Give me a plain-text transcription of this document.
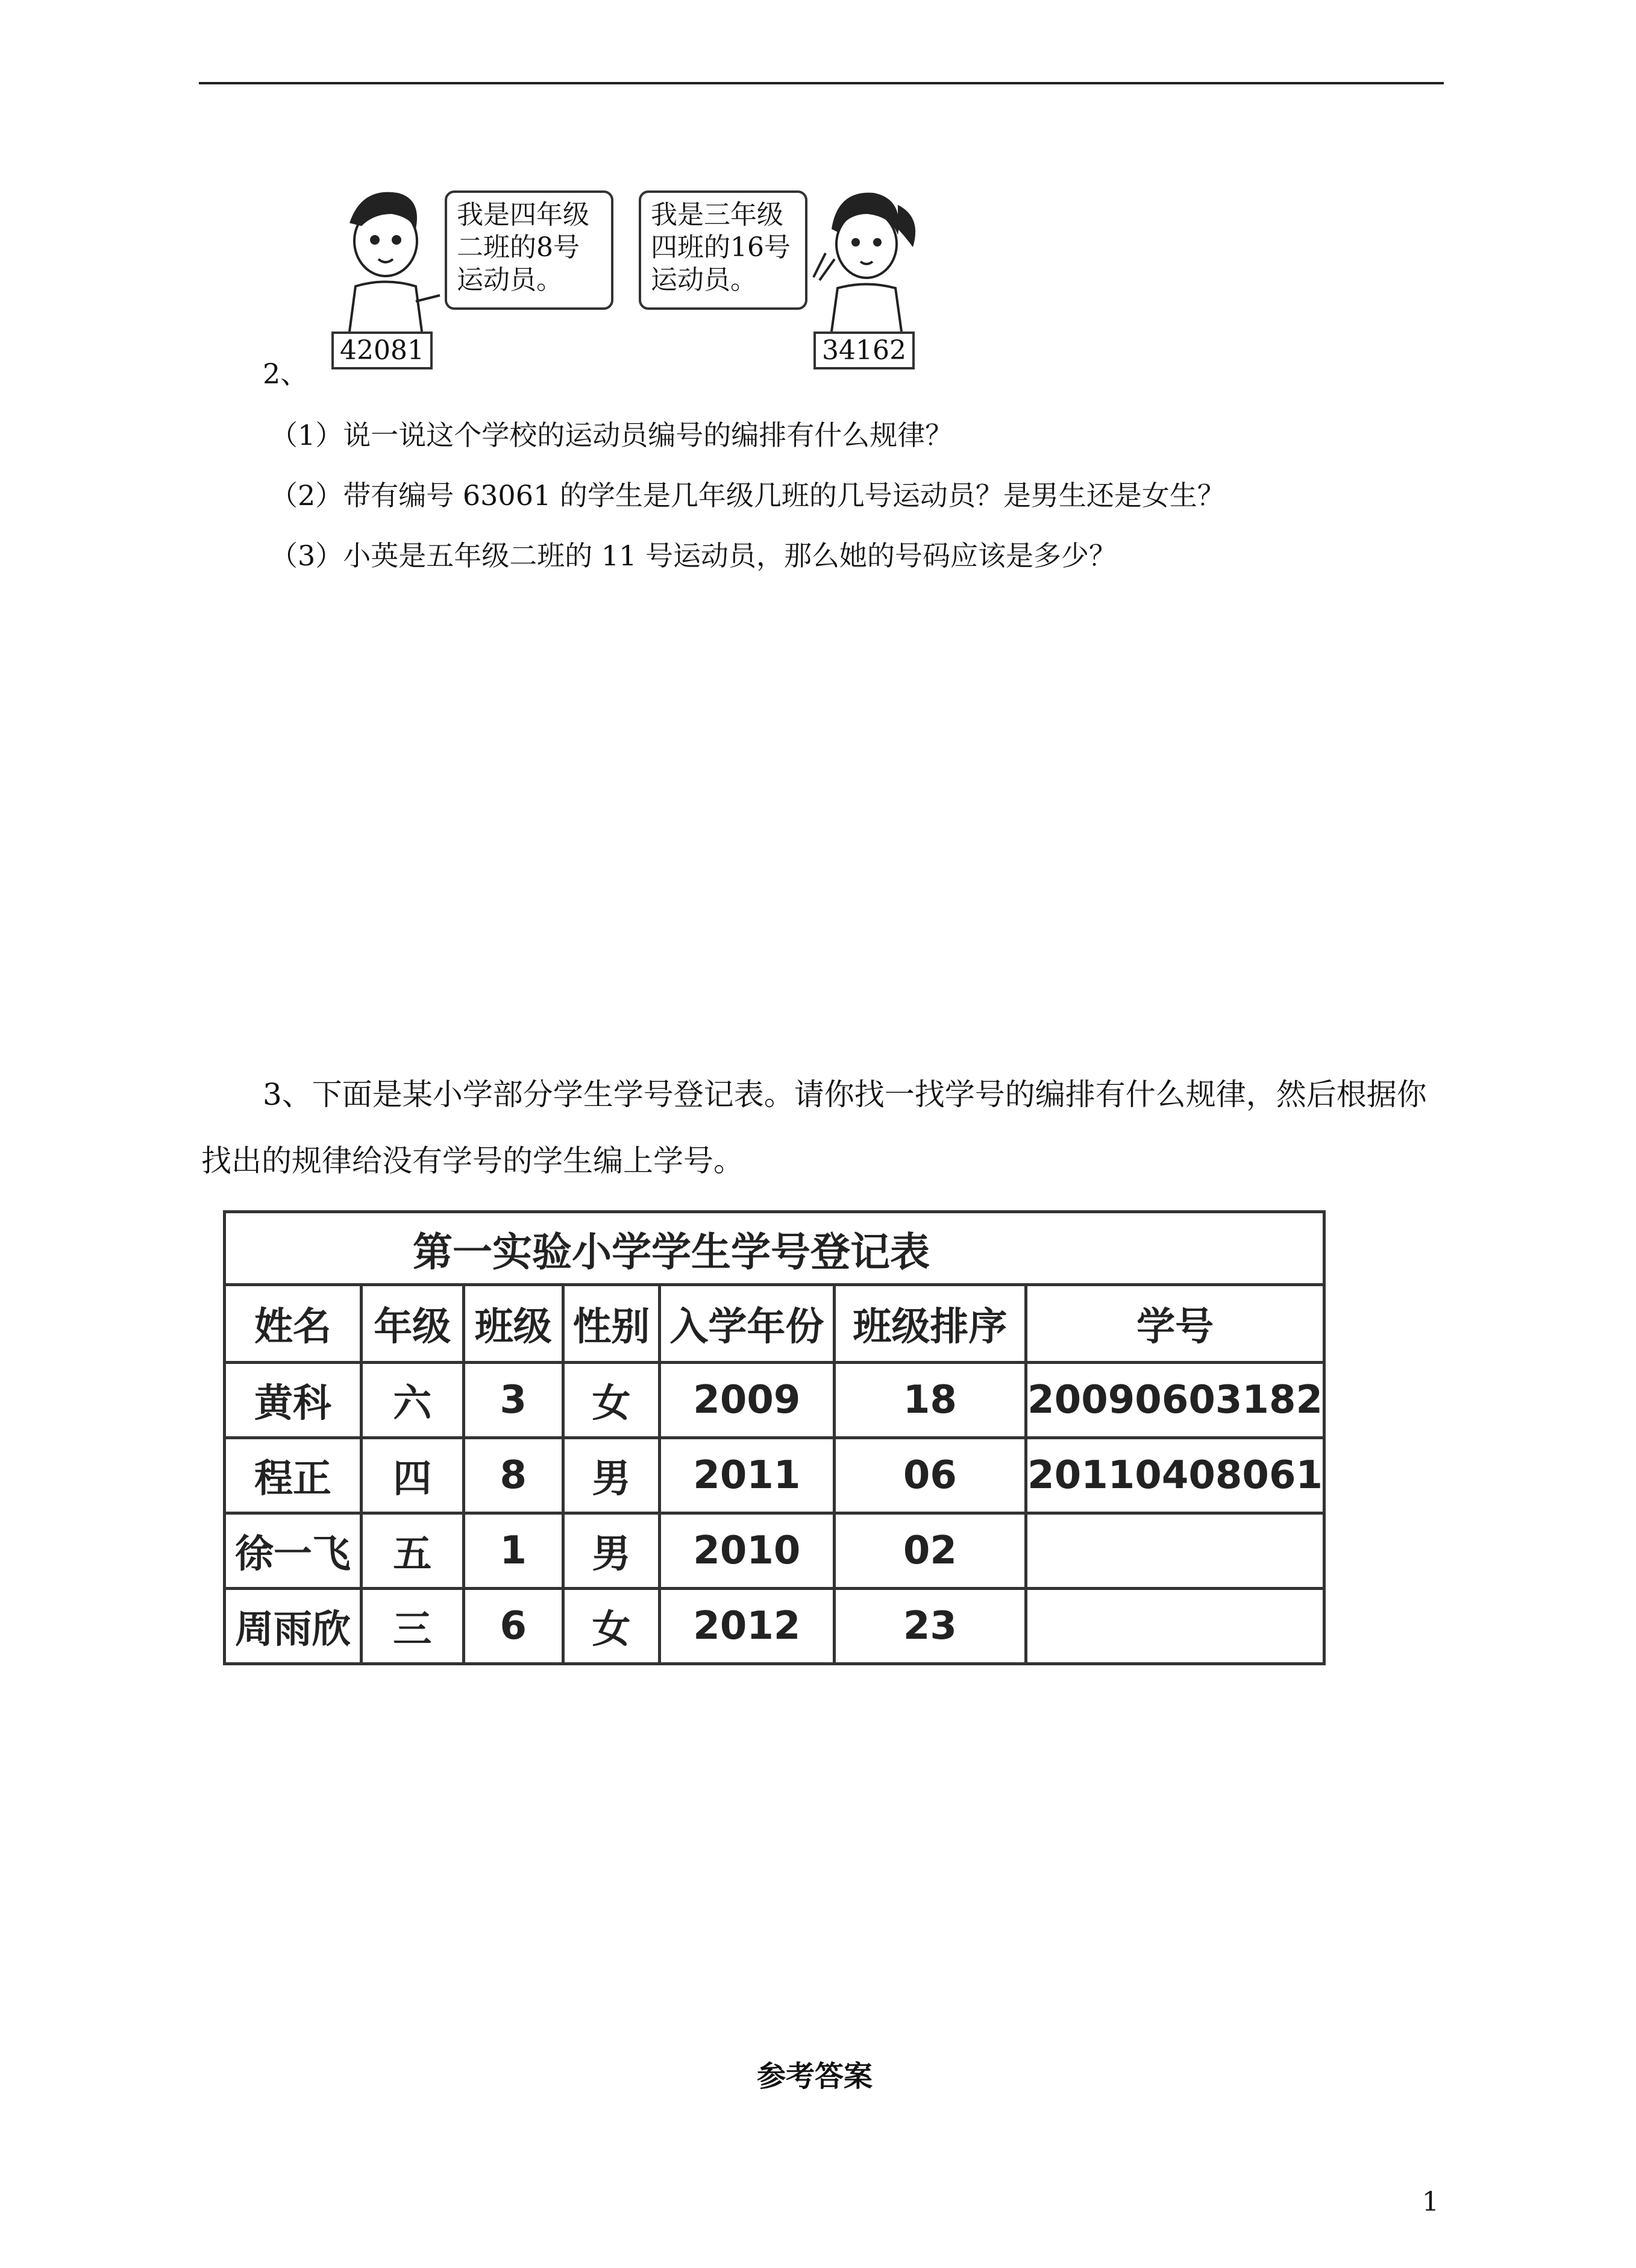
我是四年级
二班的8号
运动员。
我是三年级
四班的16号
运动员。
42081	34162
2、
（1）说一说这个学校的运动员编号的编排有什么规律？
（2）带有编号 63061 的学生是几年级几班的几号运动员？是男生还是女生？
（3）小英是五年级二班的 11 号运动员，那么她的号码应该是多少？
3、下面是某小学部分学生学号登记表。请你找一找学号的编排有什么规律，然后根据你
找出的规律给没有学号的学生编上学号。
第一实验小学学生学号登记表						
姓名	年级	班级	性别	入学年份	班级排序	学号
黄科	六	3	女	2009	18	20090603182
程正	四	8	男	2011	06	20110408061
徐一飞	五	1	男	2010	02	
周雨欣	三	6	女	2012	23	
参考答案
1
